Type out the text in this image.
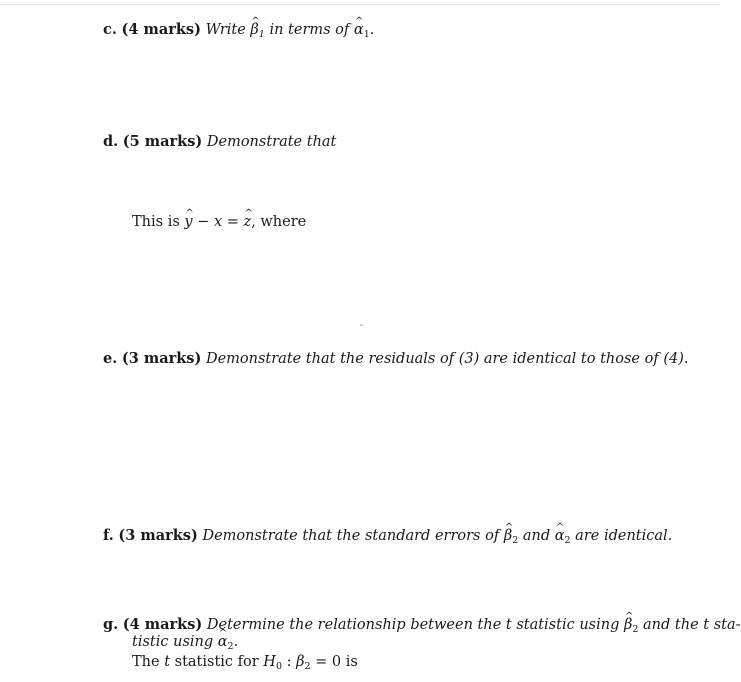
c. (4 marks) Write ^ $\beta_1$ in terms of ^ $\alpha_1$.
d. (5 marks) Demonstrate that
This is ^ y − x = ^ z, where
ˇ
e. (3 marks) Demonstrate that the residuals of (3) are identical to those of (4).
f. (3 marks) Demonstrate that the standard errors of ^ $\beta_2$ and ^ $\alpha_2$ are identical.
g. (4 marks) Determine the relationship between the t statistic using ^ $\beta_2$ and the t sta-
tistic using ^ $\alpha_2$.
The t statistic for $H_0$ : $\beta_2 = 0$ is
